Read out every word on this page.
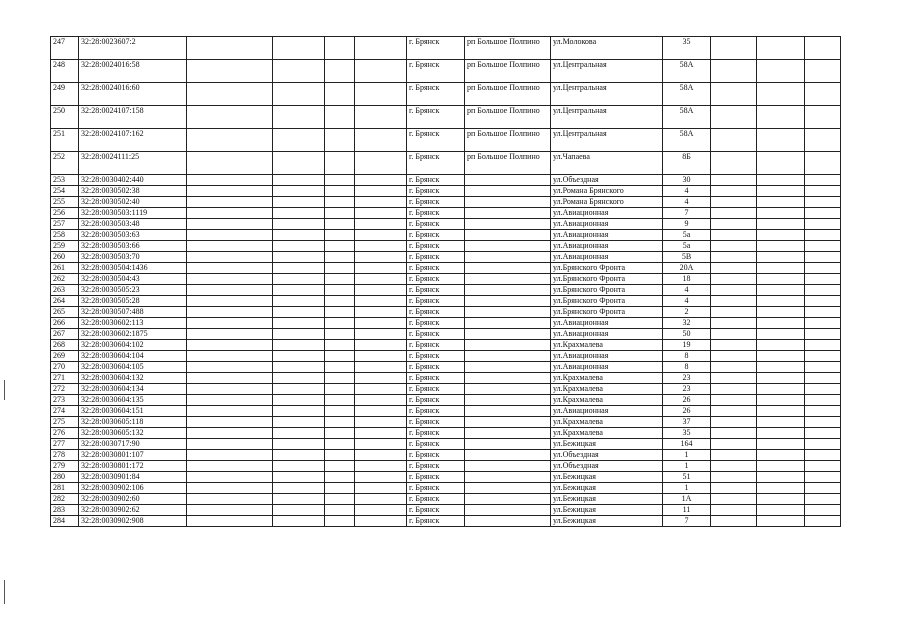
247	32:28:0023607:2					г. Брянск	рп Большое Полпино	ул.Молокова	35			
248	32:28:0024016:58					г. Брянск	рп Большое Полпино	ул.Центральная	58А			
249	32:28:0024016:60					г. Брянск	рп Большое Полпино	ул.Центральная	58А			
250	32:28:0024107:158					г. Брянск	рп Большое Полпино	ул.Центральная	58А			
251	32:28:0024107:162					г. Брянск	рп Большое Полпино	ул.Центральная	58А			
252	32:28:0024111:25					г. Брянск	рп Большое Полпино	ул.Чапаева	8Б			
253	32:28:0030402:440					г. Брянск		ул.Объездная	30			
254	32:28:0030502:38					г. Брянск		ул.Романа Брянского	4			
255	32:28:0030502:40					г. Брянск		ул.Романа Брянского	4			
256	32:28:0030503:1119					г. Брянск		ул.Авиационная	7			
257	32:28:0030503:48					г. Брянск		ул.Авиационная	9			
258	32:28:0030503:63					г. Брянск		ул.Авиационная	5а			
259	32:28:0030503:66					г. Брянск		ул.Авиационная	5а			
260	32:28:0030503:70					г. Брянск		ул.Авиационная	5В			
261	32:28:0030504:1436					г. Брянск		ул.Брянского Фронта	20А			
262	32:28:0030504:43					г. Брянск		ул.Брянского Фронта	18			
263	32:28:0030505:23					г. Брянск		ул.Брянского Фронта	4			
264	32:28:0030505:28					г. Брянск		ул.Брянского Фронта	4			
265	32:28:0030507:488					г. Брянск		ул.Брянского Фронта	2			
266	32:28:0030602:113					г. Брянск		ул.Авиационная	32			
267	32:28:0030602:1875					г. Брянск		ул.Авиационная	50			
268	32:28:0030604:102					г. Брянск		ул.Крахмалева	19			
269	32:28:0030604:104					г. Брянск		ул.Авиационная	8			
270	32:28:0030604:105					г. Брянск		ул.Авиационная	8			
271	32:28:0030604:132					г. Брянск		ул.Крахмалева	23			
272	32:28:0030604:134					г. Брянск		ул.Крахмалева	23			
273	32:28:0030604:135					г. Брянск		ул.Крахмалева	26			
274	32:28:0030604:151					г. Брянск		ул.Авиационная	26			
275	32:28:0030605:118					г. Брянск		ул.Крахмалева	37			
276	32:28:0030605:132					г. Брянск		ул.Крахмалева	35			
277	32:28:0030717:90					г. Брянск		ул.Бежицкая	164			
278	32:28:0030801:107					г. Брянск		ул.Объездная	1			
279	32:28:0030801:172					г. Брянск		ул.Объездная	1			
280	32:28:0030901:84					г. Брянск		ул.Бежицкая	51			
281	32:28:0030902:106					г. Брянск		ул.Бежицкая	1			
282	32:28:0030902:60					г. Брянск		ул.Бежицкая	1А			
283	32:28:0030902:62					г. Брянск		ул.Бежицкая	11			
284	32:28:0030902:908					г. Брянск		ул.Бежицкая	7			
